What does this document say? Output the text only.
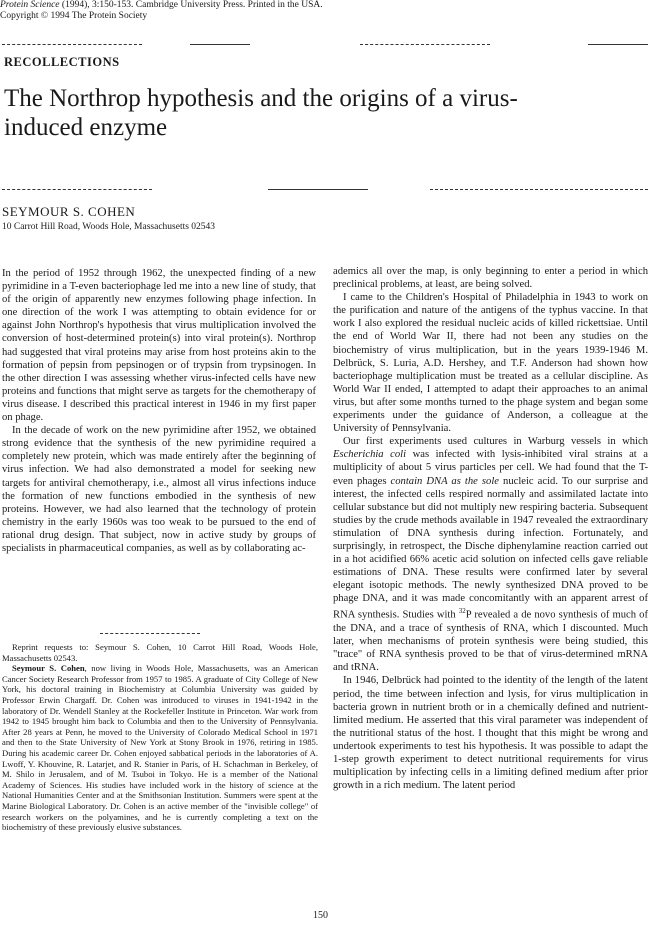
Protein Science (1994), 3:150-153. Cambridge University Press. Printed in the USA.
Copyright © 1994 The Protein Society
RECOLLECTIONS
The Northrop hypothesis and the origins of a virus-induced enzyme
SEYMOUR S. COHEN
10 Carrot Hill Road, Woods Hole, Massachusetts 02543

In the period of 1952 through 1962, the unexpected finding of a new pyrimidine in a T-even bacteriophage led me into a new line of study, that of the origin of apparently new enzymes following phage infection. In one direction of the work I was attempting to obtain evidence for or against John Northrop's hypothesis that virus multiplication involved the conversion of host-determined protein(s) into viral protein(s). Northrop had suggested that viral proteins may arise from host proteins akin to the formation of pepsin from pepsinogen or of trypsin from trypsinogen. In the other direction I was assessing whether virus-infected cells have new proteins and functions that might serve as targets for the chemotherapy of virus disease. I described this practical interest in 1946 in my first paper on phage.

In the decade of work on the new pyrimidine after 1952, we obtained strong evidence that the synthesis of the new pyrimidine required a completely new protein, which was made entirely after the beginning of virus infection. We had also demonstrated a model for seeking new targets for antiviral chemotherapy, i.e., almost all virus infections induce the formation of new functions embodied in the synthesis of new proteins. However, we had also learned that the technology of protein chemistry in the early 1960s was too weak to be pursued to the end of rational drug design. That subject, now in active study by groups of specialists in pharmaceutical companies, as well as by collaborating ac-

Reprint requests to: Seymour S. Cohen, 10 Carrot Hill Road, Woods Hole, Massachusetts 02543.

Seymour S. Cohen, now living in Woods Hole, Massachusetts, was an American Cancer Society Research Professor from 1957 to 1985. A graduate of City College of New York, his doctoral training in Biochemistry at Columbia University was guided by Professor Erwin Chargaff. Dr. Cohen was introduced to viruses in 1941-1942 in the laboratory of Dr. Wendell Stanley at the Rockefeller Institute in Princeton. War work from 1942 to 1945 brought him back to Columbia and then to the University of Pennsylvania. After 28 years at Penn, he moved to the University of Colorado Medical School in 1971 and then to the State University of New York at Stony Brook in 1976, retiring in 1985. During his academic career Dr. Cohen enjoyed sabbatical periods in the laboratories of A. Lwoff, Y. Khouvine, R. Latarjet, and R. Stanier in Paris, of H. Schachman in Berkeley, of M. Shilo in Jerusalem, and of M. Tsuboi in Tokyo. He is a member of the National Academy of Sciences. His studies have included work in the history of science at the National Humanities Center and at the Smithsonian Institution. Summers were spent at the Marine Biological Laboratory. Dr. Cohen is an active member of the "invisible college" of research workers on the polyamines, and he is currently completing a text on the biochemistry of these previously elusive substances.

ademics all over the map, is only beginning to enter a period in which preclinical problems, at least, are being solved.

I came to the Children's Hospital of Philadelphia in 1943 to work on the purification and nature of the antigens of the typhus vaccine. In that work I also explored the residual nucleic acids of killed rickettsiae. Until the end of World War II, there had not been any studies on the biochemistry of virus multiplication, but in the years 1939-1946 M. Delbrück, S. Luria, A.D. Hershey, and T.F. Anderson had shown how bacteriophage multiplication must be treated as a cellular discipline. As World War II ended, I attempted to adapt their approaches to an animal virus, but after some months turned to the phage system and began some experiments under the guidance of Anderson, a colleague at the University of Pennsylvania.

Our first experiments used cultures in Warburg vessels in which Escherichia coli was infected with lysis-inhibited viral strains at a multiplicity of about 5 virus particles per cell. We had found that the T-even phages contain DNA as the sole nucleic acid. To our surprise and interest, the infected cells respired normally and assimilated lactate into cellular substance but did not multiply new respiring bacteria. Subsequent studies by the crude methods available in 1947 revealed the extraordinary stimulation of DNA synthesis during infection. Fortunately, and surprisingly, in retrospect, the Dische diphenylamine reaction carried out in a hot acidified 66% acetic acid solution on infected cells gave reliable estimations of DNA. These results were confirmed later by several elegant isotopic methods. The newly synthesized DNA proved to be phage DNA, and it was made concomitantly with an apparent arrest of RNA synthesis. Studies with $^{32}$P revealed a de novo synthesis of much of the DNA, and a trace of synthesis of RNA, which I discounted. Much later, when mechanisms of protein synthesis were being studied, this "trace" of RNA synthesis proved to be that of virus-determined mRNA and tRNA.

In 1946, Delbrück had pointed to the identity of the length of the latent period, the time between infection and lysis, for virus multiplication in bacteria grown in nutrient broth or in a chemically defined and nutrient-limited medium. He asserted that this viral parameter was independent of the nutritional status of the host. I thought that this might be wrong and undertook experiments to test his hypothesis. It was possible to adapt the 1-step growth experiment to detect nutritional requirements for virus multiplication by infecting cells in a limiting defined medium after prior growth in a rich medium. The latent period

150
